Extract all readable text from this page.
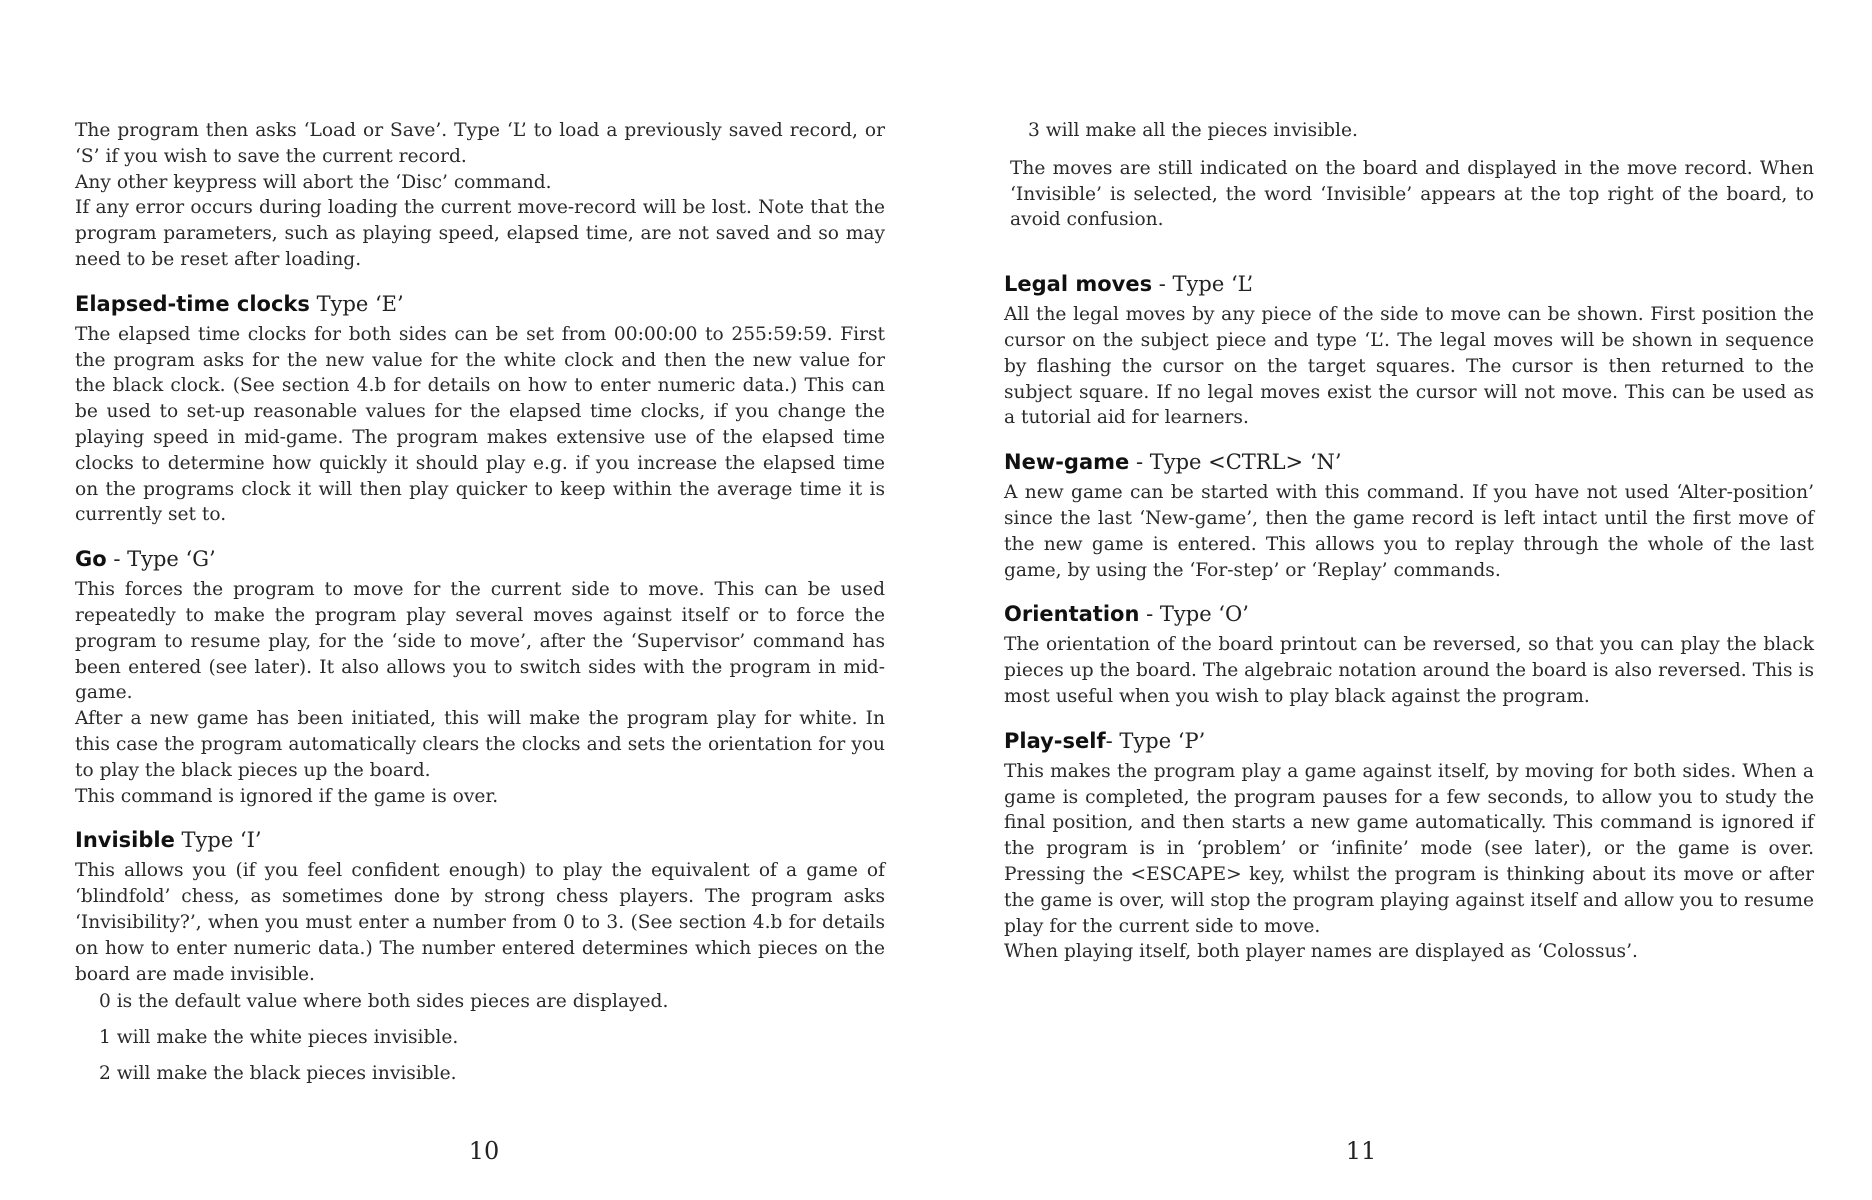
The program then asks ‘Load or Save’. Type ‘L’ to load a previously saved record, or ‘S’ if you wish to save the current record.

Any other keypress will abort the ‘Disc’ command.

If any error occurs during loading the current move-record will be lost. Note that the program parameters, such as playing speed, elapsed time, are not saved and so may need to be reset after loading.

Elapsed-time clocks Type ‘E’

The elapsed time clocks for both sides can be set from 00:00:00 to 255:59:59. First the program asks for the new value for the white clock and then the new value for the black clock. (See section 4.b for details on how to enter numeric data.) This can be used to set-up reasonable values for the elapsed time clocks, if you change the playing speed in mid-game. The program makes extensive use of the elapsed time clocks to determine how quickly it should play e.g. if you increase the elapsed time on the programs clock it will then play quicker to keep within the average time it is currently set to.

Go - Type ‘G’

This forces the program to move for the current side to move. This can be used repeatedly to make the program play several moves against itself or to force the program to resume play, for the ‘side to move’, after the ‘Supervisor’ command has been entered (see later). It also allows you to switch sides with the program in mid-game.

After a new game has been initiated, this will make the program play for white. In this case the program automatically clears the clocks and sets the orientation for you to play the black pieces up the board.

This command is ignored if the game is over.

Invisible Type ‘I’

This allows you (if you feel confident enough) to play the equivalent of a game of ‘blindfold’ chess, as sometimes done by strong chess players. The program asks ‘Invisibility?’, when you must enter a number from 0 to 3. (See section 4.b for details on how to enter numeric data.) The number entered determines which pieces on the board are made invisible.

0 is the default value where both sides pieces are displayed.

1 will make the white pieces invisible.

2 will make the black pieces invisible.

10

3 will make all the pieces invisible.

The moves are still indicated on the board and displayed in the move record. When ‘Invisible’ is selected, the word ‘Invisible’ appears at the top right of the board, to avoid confusion.

Legal moves - Type ‘L’

All the legal moves by any piece of the side to move can be shown. First position the cursor on the subject piece and type ‘L’. The legal moves will be shown in sequence by flashing the cursor on the target squares. The cursor is then returned to the subject square. If no legal moves exist the cursor will not move. This can be used as a tutorial aid for learners.

New-game - Type <CTRL> ‘N’

A new game can be started with this command. If you have not used ‘Alter-position’ since the last ‘New-game’, then the game record is left intact until the first move of the new game is entered. This allows you to replay through the whole of the last game, by using the ‘For-step’ or ‘Replay’ commands.

Orientation - Type ‘O’

The orientation of the board printout can be reversed, so that you can play the black pieces up the board. The algebraic notation around the board is also reversed. This is most useful when you wish to play black against the program.

Play-self- Type ‘P’

This makes the program play a game against itself, by moving for both sides. When a game is completed, the program pauses for a few seconds, to allow you to study the final position, and then starts a new game automatically. This command is ignored if the program is in ‘problem’ or ‘infinite’ mode (see later), or the game is over. Pressing the <ESCAPE> key, whilst the program is thinking about its move or after the game is over, will stop the program playing against itself and allow you to resume play for the current side to move.

When playing itself, both player names are displayed as ‘Colossus’.

11
